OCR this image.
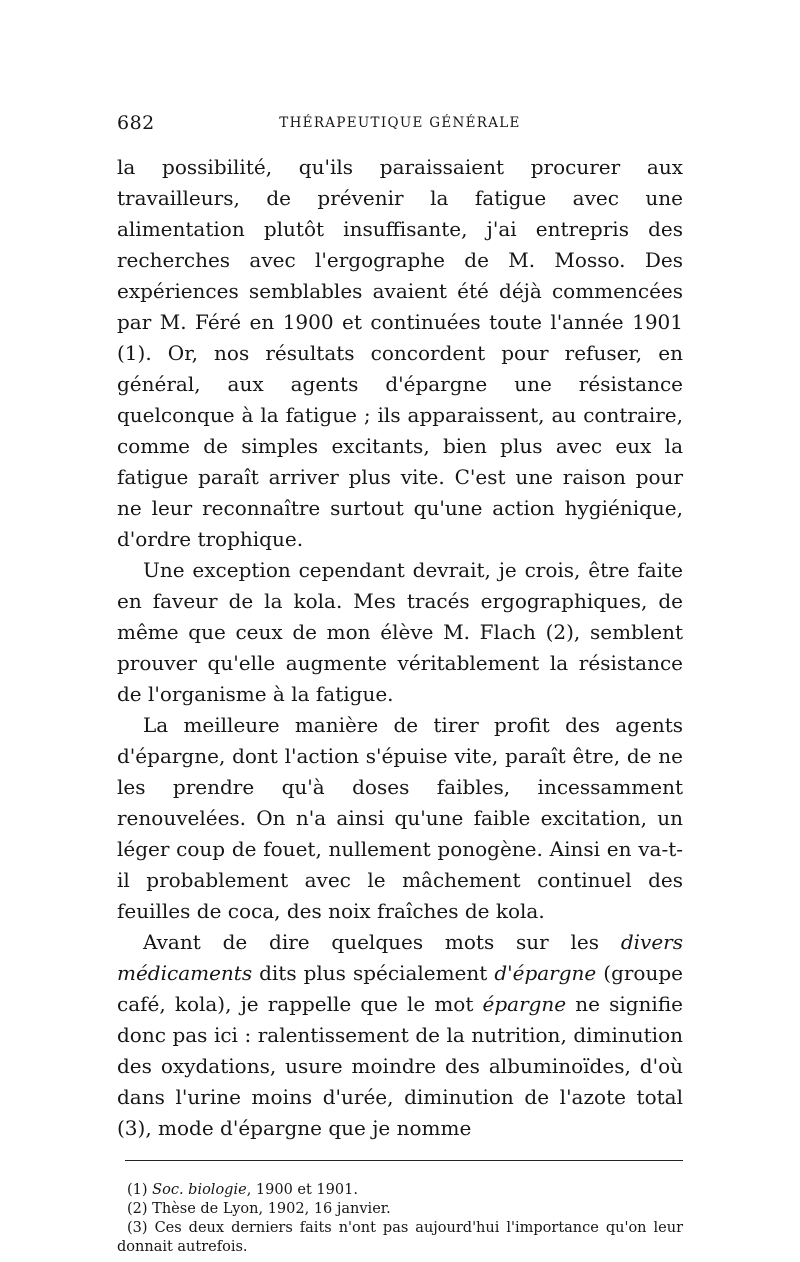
682	THÉRAPEUTIQUE GÉNÉRALE

la possibilité, qu'ils paraissaient procurer aux travailleurs, de prévenir la fatigue avec une alimentation plutôt insuffisante, j'ai entrepris des recherches avec l'ergographe de M. Mosso. Des expériences semblables avaient été déjà commencées par M. Féré en 1900 et continuées toute l'année 1901 (1). Or, nos résultats concordent pour refuser, en général, aux agents d'épargne une résistance quelconque à la fatigue ; ils apparaissent, au contraire, comme de simples excitants, bien plus avec eux la fatigue paraît arriver plus vite. C'est une raison pour ne leur reconnaître surtout qu'une action hygiénique, d'ordre trophique.

Une exception cependant devrait, je crois, être faite en faveur de la kola. Mes tracés ergographiques, de même que ceux de mon élève M. Flach (2), semblent prouver qu'elle augmente véritablement la résistance de l'organisme à la fatigue.

La meilleure manière de tirer profit des agents d'épargne, dont l'action s'épuise vite, paraît être, de ne les prendre qu'à doses faibles, incessamment renouvelées. On n'a ainsi qu'une faible excitation, un léger coup de fouet, nullement ponogène. Ainsi en va-t-il probablement avec le mâchement continuel des feuilles de coca, des noix fraîches de kola.

Avant de dire quelques mots sur les divers médicaments dits plus spécialement d'épargne (groupe café, kola), je rappelle que le mot épargne ne signifie donc pas ici : ralentissement de la nutrition, diminution des oxydations, usure moindre des albuminoïdes, d'où dans l'urine moins d'urée, diminution de l'azote total (3), mode d'épargne que je nomme

(1) Soc. biologie, 1900 et 1901.

(2) Thèse de Lyon, 1902, 16 janvier.

(3) Ces deux derniers faits n'ont pas aujourd'hui l'importance qu'on leur donnait autrefois.
